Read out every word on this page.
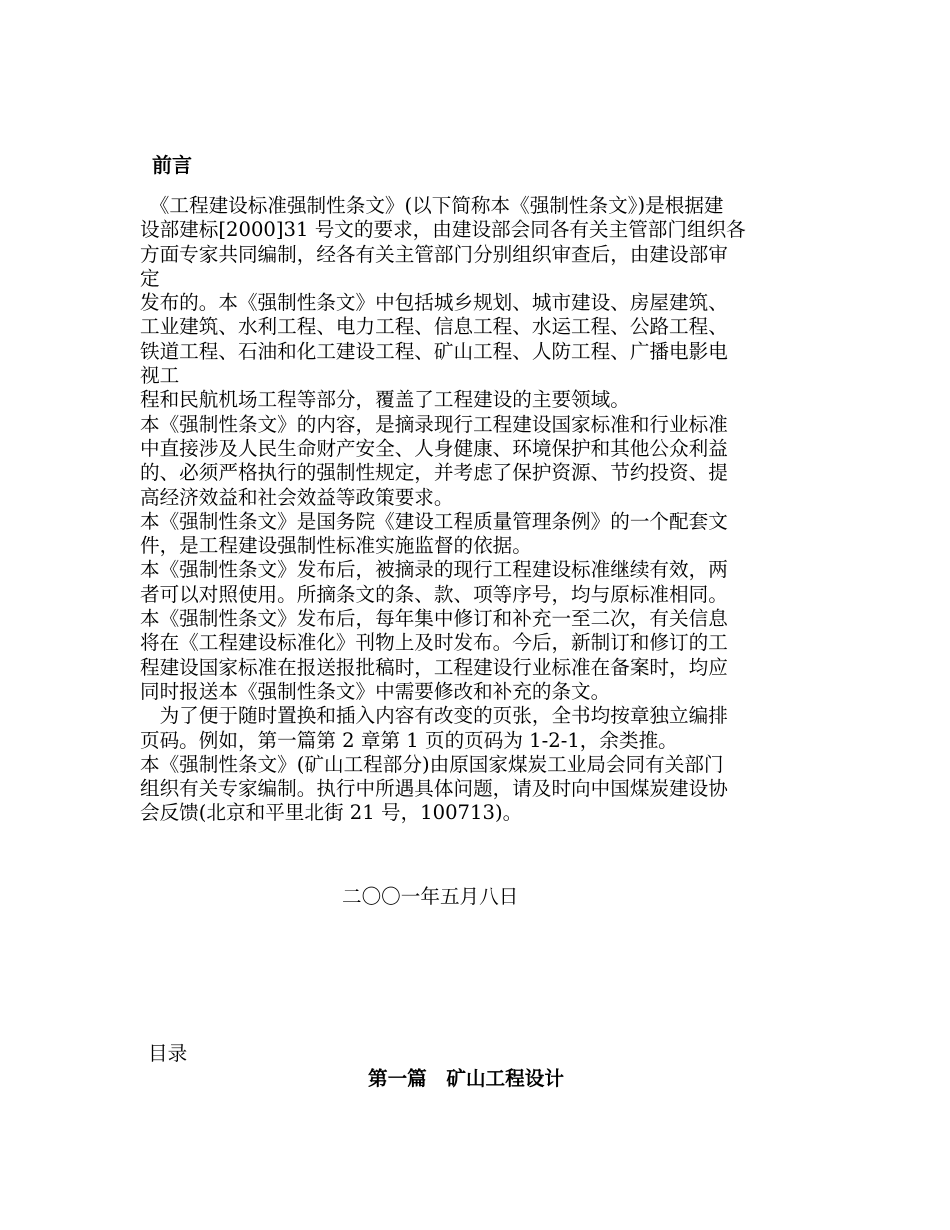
前言
　《工程建设标准强制性条文》(以下简称本《强制性条文》)是根据建
设部建标[2000]31 号文的要求，由建设部会同各有关主管部门组织各
方面专家共同编制，经各有关主管部门分别组织审查后，由建设部审
定
发布的。本《强制性条文》中包括城乡规划、城市建设、房屋建筑、
工业建筑、水利工程、电力工程、信息工程、水运工程、公路工程、
铁道工程、石油和化工建设工程、矿山工程、人防工程、广播电影电
视工
程和民航机场工程等部分，覆盖了工程建设的主要领域。
本《强制性条文》的内容，是摘录现行工程建设国家标准和行业标准
中直接涉及人民生命财产安全、人身健康、环境保护和其他公众利益
的、必须严格执行的强制性规定，并考虑了保护资源、节约投资、提
高经济效益和社会效益等政策要求。
本《强制性条文》是国务院《建设工程质量管理条例》的一个配套文
件，是工程建设强制性标准实施监督的依据。
本《强制性条文》发布后，被摘录的现行工程建设标准继续有效，两
者可以对照使用。所摘条文的条、款、项等序号，均与原标准相同。
本《强制性条文》发布后，每年集中修订和补充一至二次，有关信息
将在《工程建设标准化》刊物上及时发布。今后，新制订和修订的工
程建设国家标准在报送报批稿时，工程建设行业标准在备案时，均应
同时报送本《强制性条文》中需要修改和补充的条文。
　为了便于随时置换和插入内容有改变的页张，全书均按章独立编排
页码。例如，第一篇第 2 章第 1 页的页码为 1-2-1，余类推。
本《强制性条文》(矿山工程部分)由原国家煤炭工业局会同有关部门
组织有关专家编制。执行中所遇具体问题，请及时向中国煤炭建设协
会反馈(北京和平里北街 21 号，100713)。
二〇〇一年五月八日
目录
第一篇　矿山工程设计
